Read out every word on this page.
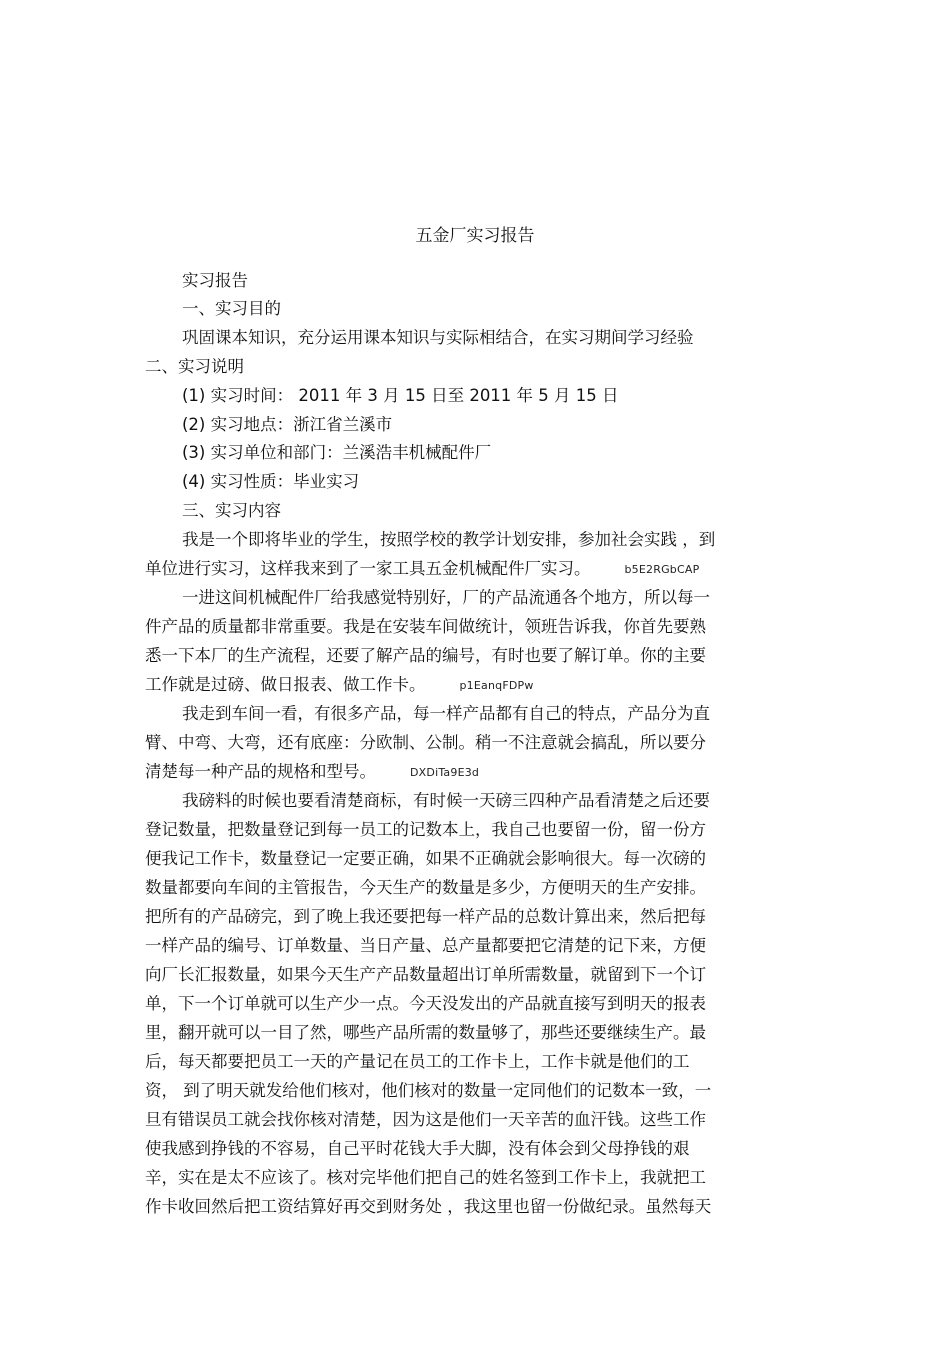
五金厂实习报告
实习报告
一、实习目的
巩固课本知识，充分运用课本知识与实际相结合，在实习期间学习经验
二、实习说明
(1) 实习时间： 2011 年 3 月 15 日至 2011 年 5 月 15 日
(2) 实习地点：浙江省兰溪市
(3) 实习单位和部门：兰溪浩丰机械配件厂
(4) 实习性质：毕业实习
三、实习内容
我是一个即将毕业的学生，按照学校的教学计划安排，参加社会实践 ，到
单位进行实习，这样我来到了一家工具五金机械配件厂实习。	b5E2RGbCAP
一进这间机械配件厂给我感觉特别好，厂的产品流通各个地方，所以每一
件产品的质量都非常重要。我是在安装车间做统计，领班告诉我，你首先要熟
悉一下本厂的生产流程，还要了解产品的编号，有时也要了解订单。你的主要
工作就是过磅、做日报表、做工作卡。	p1EanqFDPw
我走到车间一看，有很多产品，每一样产品都有自己的特点，产品分为直
臂、中弯、大弯，还有底座：分欧制、公制。稍一不注意就会搞乱，所以要分
清楚每一种产品的规格和型号。	DXDiTa9E3d
我磅料的时候也要看清楚商标，有时候一天磅三四种产品看清楚之后还要
登记数量，把数量登记到每一员工的记数本上，我自己也要留一份，留一份方
便我记工作卡，数量登记一定要正确，如果不正确就会影响很大。每一次磅的
数量都要向车间的主管报告，今天生产的数量是多少，方便明天的生产安排。
把所有的产品磅完，到了晚上我还要把每一样产品的总数计算出来，然后把每
一样产品的编号、订单数量、当日产量、总产量都要把它清楚的记下来，方便
向厂长汇报数量，如果今天生产产品数量超出订单所需数量，就留到下一个订
单，下一个订单就可以生产少一点。今天没发出的产品就直接写到明天的报表
里，翻开就可以一目了然，哪些产品所需的数量够了，那些还要继续生产。最
后，每天都要把员工一天的产量记在员工的工作卡上，工作卡就是他们的工
资， 到了明天就发给他们核对，他们核对的数量一定同他们的记数本一致，一
旦有错误员工就会找你核对清楚，因为这是他们一天辛苦的血汗钱。这些工作
使我感到挣钱的不容易，自己平时花钱大手大脚，没有体会到父母挣钱的艰
辛，实在是太不应该了。核对完毕他们把自己的姓名签到工作卡上，我就把工
作卡收回然后把工资结算好再交到财务处 ，我这里也留一份做纪录。虽然每天
